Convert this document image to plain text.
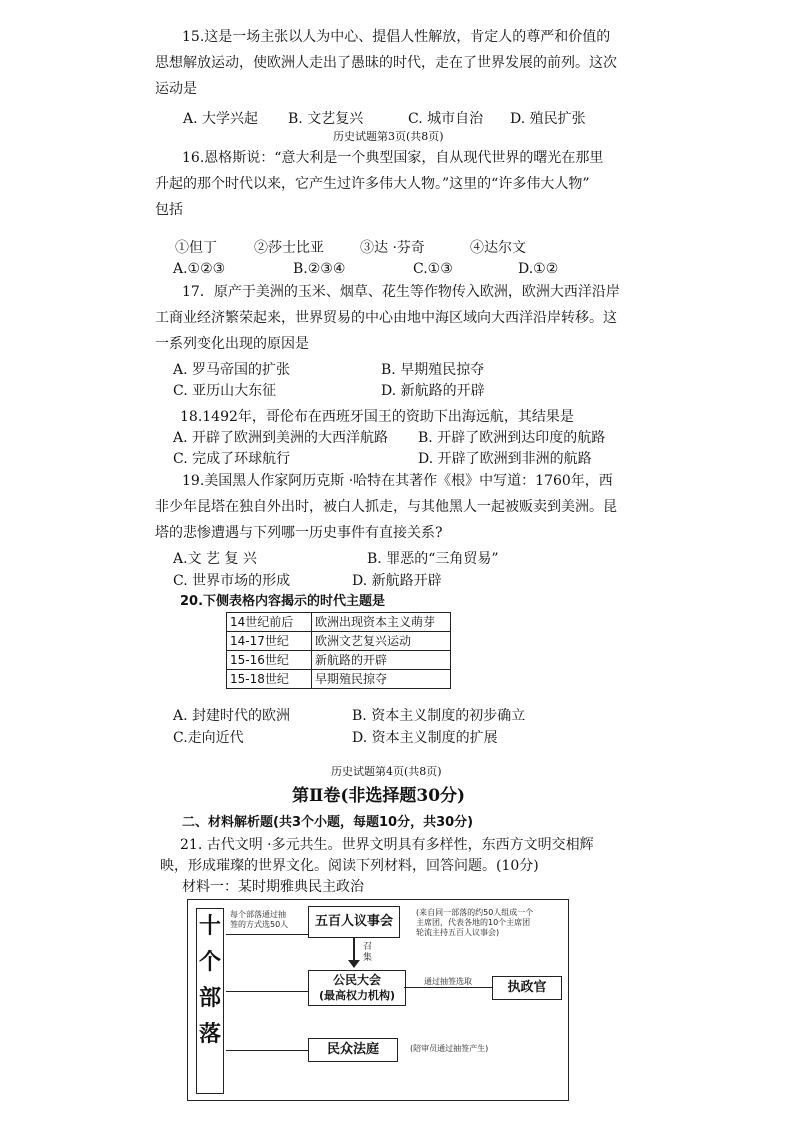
15.这是一场主张以人为中心、提倡人性解放，肯定人的尊严和价值的
思想解放运动，使欧洲人走出了愚昧的时代，走在了世界发展的前列。这次
运动是
A. 大学兴起 B. 文艺复兴	C. 城市自治 D. 殖民扩张
历史试题第3页(共8页)
16.恩格斯说：“意大利是一个典型国家，自从现代世界的曙光在那里
升起的那个时代以来，它产生过许多伟大人物。”这里的“许多伟大人物”
包括
①但丁	②莎士比亚	③达 ·芬奇	④达尔文
A.①②③	B.②③④	C.①③	D.①②
17．原产于美洲的玉米、烟草、花生等作物传入欧洲，欧洲大西洋沿岸
工商业经济繁荣起来，世界贸易的中心由地中海区域向大西洋沿岸转移。这
一系列变化出现的原因是
A. 罗马帝国的扩张	B. 早期殖民掠夺
C. 亚历山大东征	D. 新航路的开辟
18.1492年，哥伦布在西班牙国王的资助下出海远航，其结果是
A. 开辟了欧洲到美洲的大西洋航路 B. 开辟了欧洲到达印度的航路
C. 完成了环球航行	D. 开辟了欧洲到非洲的航路
19.美国黑人作家阿历克斯 ·哈特在其著作《根》中写道：1760年，西
非少年昆塔在独自外出时，被白人抓走，与其他黑人一起被贩卖到美洲。昆
塔的悲惨遭遇与下列哪一历史事件有直接关系?
A.文 艺 复 兴	B. 罪恶的“三角贸易”
C. 世界市场的形成	D. 新航路开辟
20.下侧表格内容揭示的时代主题是
14世纪前后	欧洲出现资本主义萌芽
14-17世纪	欧洲文艺复兴运动
15-16世纪	新航路的开辟
15-18世纪	早期殖民掠夺
A. 封建时代的欧洲	B. 资本主义制度的初步确立
C.走向近代	D. 资本主义制度的扩展
历史试题第4页(共8页)
第Ⅱ卷(非选择题30分)
二、材料解析题(共3个小题，每题10分，共30分)
21. 古代文明 ·多元共生。世界文明具有多样性，东西方文明交相辉
映，形成璀璨的世界文化。阅读下列材料，回答问题。(10分)
材料一：某时期雅典民主政治
十
个
部
落
每个部落通过抽
签的方式选50人	五百人议事会
(来自同一部落的约50人组成一个
主席团，代表各地的10个主席团
轮流主持五百人议事会)
召
集
公民大会
(最高权力机构)
通过抽签选取	执政官
民众法庭	(陪审员通过抽签产生)
